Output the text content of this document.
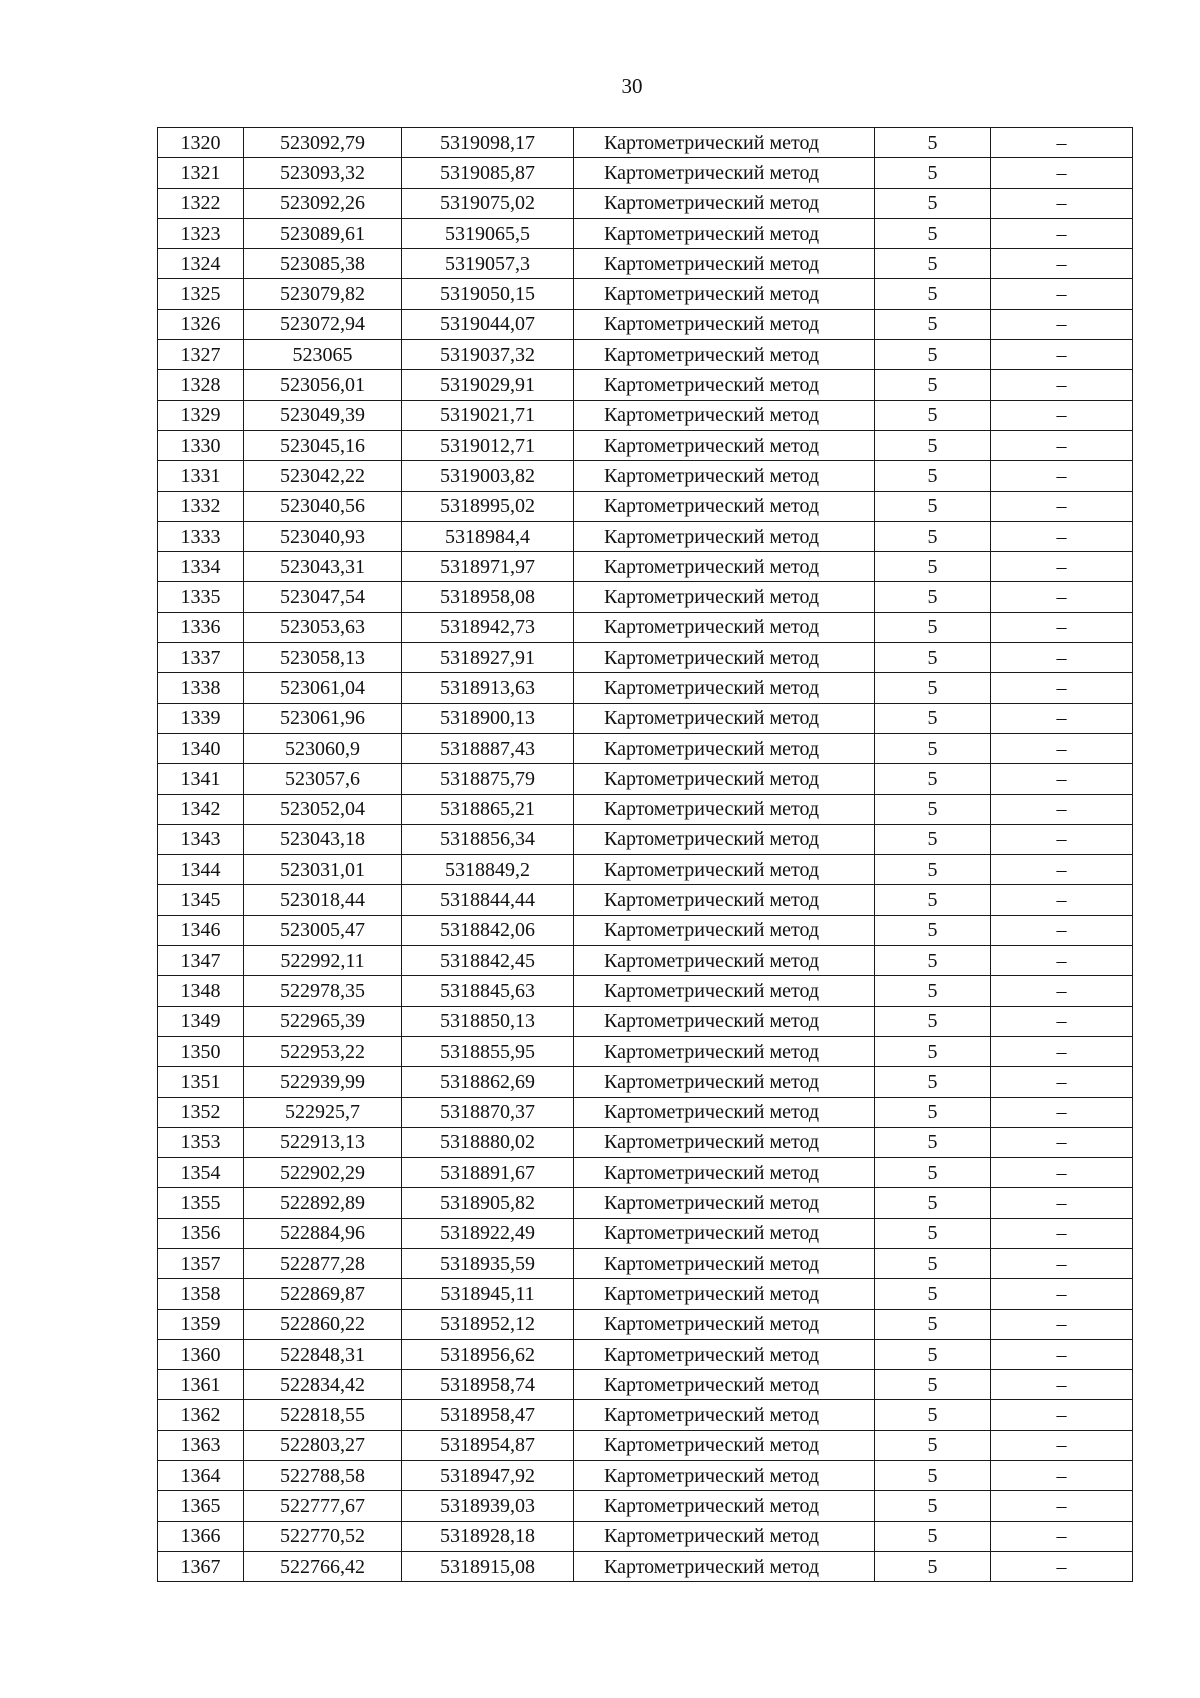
30
1320	523092,79	5319098,17	Картометрический метод	5	–
1321	523093,32	5319085,87	Картометрический метод	5	–
1322	523092,26	5319075,02	Картометрический метод	5	–
1323	523089,61	5319065,5	Картометрический метод	5	–
1324	523085,38	5319057,3	Картометрический метод	5	–
1325	523079,82	5319050,15	Картометрический метод	5	–
1326	523072,94	5319044,07	Картометрический метод	5	–
1327	523065	5319037,32	Картометрический метод	5	–
1328	523056,01	5319029,91	Картометрический метод	5	–
1329	523049,39	5319021,71	Картометрический метод	5	–
1330	523045,16	5319012,71	Картометрический метод	5	–
1331	523042,22	5319003,82	Картометрический метод	5	–
1332	523040,56	5318995,02	Картометрический метод	5	–
1333	523040,93	5318984,4	Картометрический метод	5	–
1334	523043,31	5318971,97	Картометрический метод	5	–
1335	523047,54	5318958,08	Картометрический метод	5	–
1336	523053,63	5318942,73	Картометрический метод	5	–
1337	523058,13	5318927,91	Картометрический метод	5	–
1338	523061,04	5318913,63	Картометрический метод	5	–
1339	523061,96	5318900,13	Картометрический метод	5	–
1340	523060,9	5318887,43	Картометрический метод	5	–
1341	523057,6	5318875,79	Картометрический метод	5	–
1342	523052,04	5318865,21	Картометрический метод	5	–
1343	523043,18	5318856,34	Картометрический метод	5	–
1344	523031,01	5318849,2	Картометрический метод	5	–
1345	523018,44	5318844,44	Картометрический метод	5	–
1346	523005,47	5318842,06	Картометрический метод	5	–
1347	522992,11	5318842,45	Картометрический метод	5	–
1348	522978,35	5318845,63	Картометрический метод	5	–
1349	522965,39	5318850,13	Картометрический метод	5	–
1350	522953,22	5318855,95	Картометрический метод	5	–
1351	522939,99	5318862,69	Картометрический метод	5	–
1352	522925,7	5318870,37	Картометрический метод	5	–
1353	522913,13	5318880,02	Картометрический метод	5	–
1354	522902,29	5318891,67	Картометрический метод	5	–
1355	522892,89	5318905,82	Картометрический метод	5	–
1356	522884,96	5318922,49	Картометрический метод	5	–
1357	522877,28	5318935,59	Картометрический метод	5	–
1358	522869,87	5318945,11	Картометрический метод	5	–
1359	522860,22	5318952,12	Картометрический метод	5	–
1360	522848,31	5318956,62	Картометрический метод	5	–
1361	522834,42	5318958,74	Картометрический метод	5	–
1362	522818,55	5318958,47	Картометрический метод	5	–
1363	522803,27	5318954,87	Картометрический метод	5	–
1364	522788,58	5318947,92	Картометрический метод	5	–
1365	522777,67	5318939,03	Картометрический метод	5	–
1366	522770,52	5318928,18	Картометрический метод	5	–
1367	522766,42	5318915,08	Картометрический метод	5	–
